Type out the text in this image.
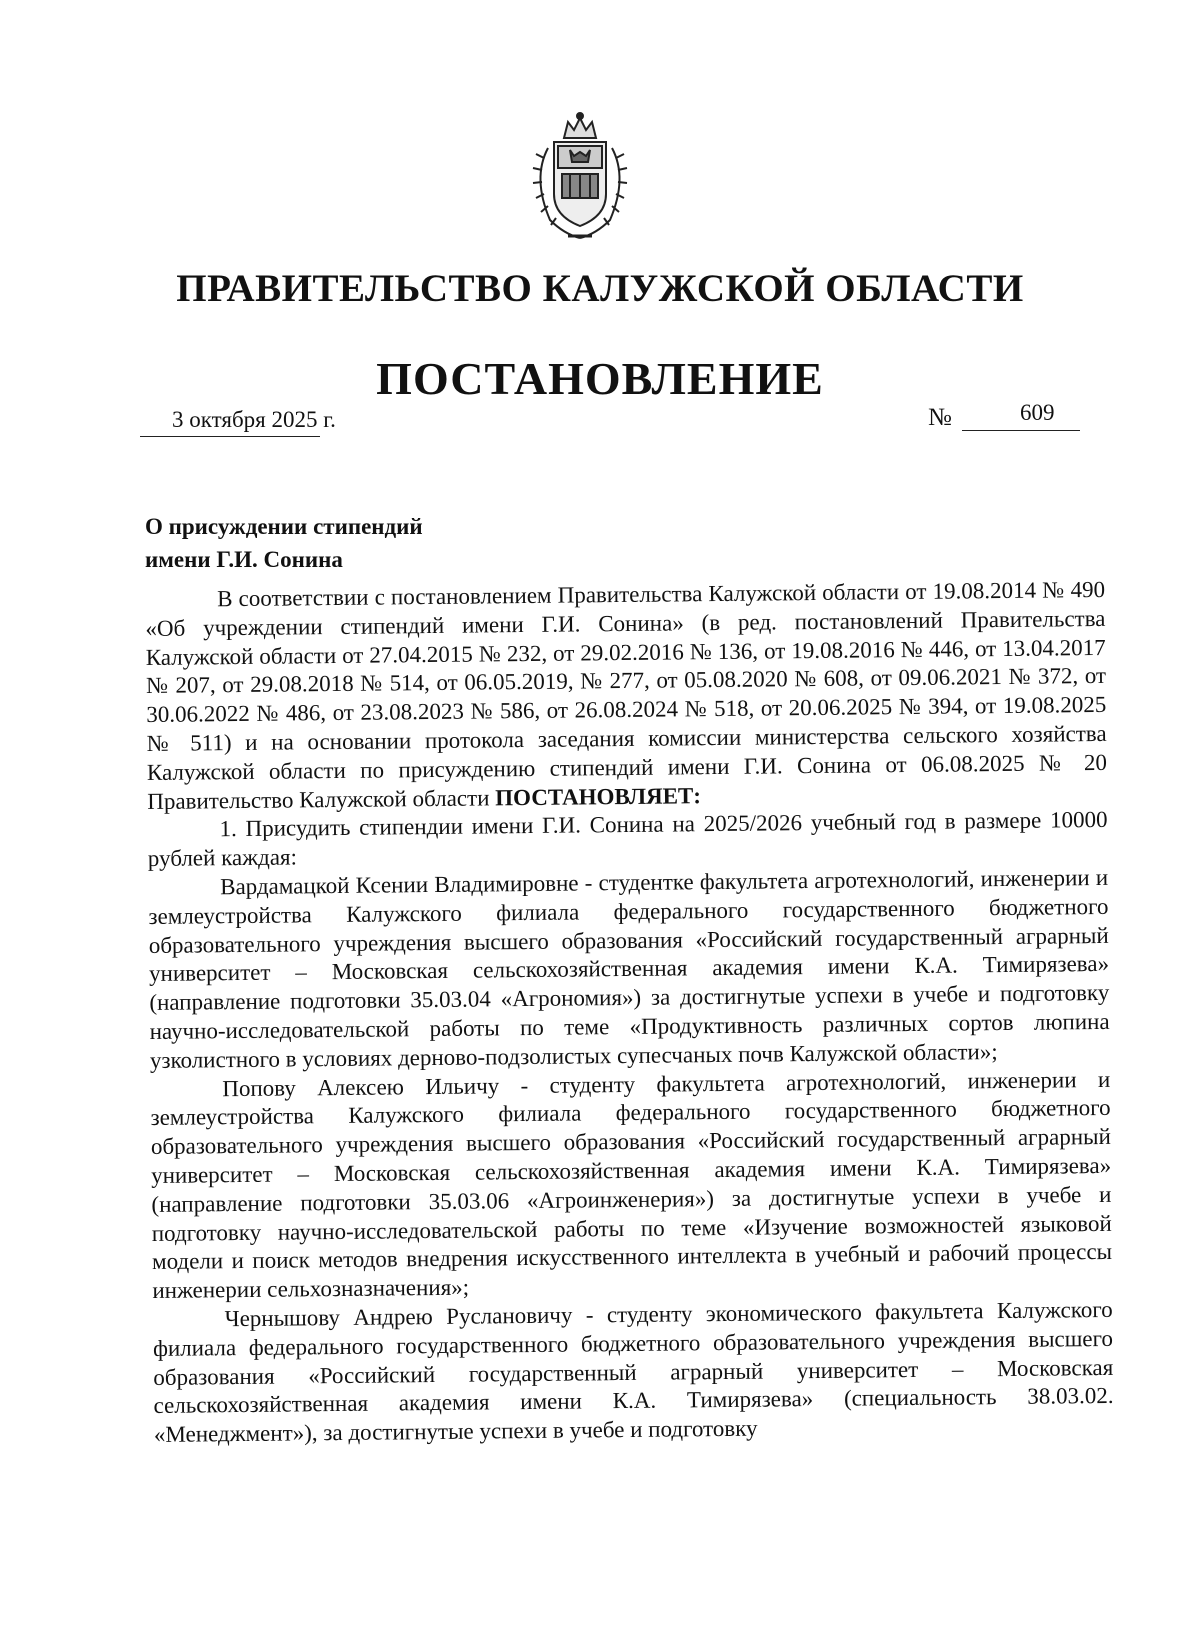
ПРАВИТЕЛЬСТВО КАЛУЖСКОЙ ОБЛАСТИ
ПОСТАНОВЛЕНИЕ
3 октября 2025 г.	№	609
О присуждении стипендий
имени Г.И. Сонина

В соответствии с постановлением Правительства Калужской области от 19.08.2014 № 490 «Об учреждении стипендий имени Г.И. Сонина» (в ред. постановлений Правительства Калужской области от 27.04.2015 № 232, от 29.02.2016 № 136, от 19.08.2016 № 446, от 13.04.2017 № 207, от 29.08.2018 № 514, от 06.05.2019, № 277, от 05.08.2020 № 608, от 09.06.2021 № 372, от 30.06.2022 № 486, от 23.08.2023 № 586, от 26.08.2024 № 518, от 20.06.2025 № 394, от 19.08.2025 № 511) и на основании протокола заседания комиссии министерства сельского хозяйства Калужской области по присуждению стипендий имени Г.И. Сонина от 06.08.2025 № 20 Правительство Калужской области ПОСТАНОВЛЯЕТ:

1. Присудить стипендии имени Г.И. Сонина на 2025/2026 учебный год в размере 10000 рублей каждая:

Вардамацкой Ксении Владимировне - студентке факультета агротехнологий, инженерии и землеустройства Калужского филиала федерального государственного бюджетного образовательного учреждения высшего образования «Российский государственный аграрный университет – Московская сельскохозяйственная академия имени К.А. Тимирязева» (направление подготовки 35.03.04 «Агрономия») за достигнутые успехи в учебе и подготовку научно-исследовательской работы по теме «Продуктивность различных сортов люпина узколистного в условиях дерново-подзолистых супесчаных почв Калужской области»;

Попову Алексею Ильичу - студенту факультета агротехнологий, инженерии и землеустройства Калужского филиала федерального государственного бюджетного образовательного учреждения высшего образования «Российский государственный аграрный университет – Московская сельскохозяйственная академия имени К.А. Тимирязева» (направление подготовки 35.03.06 «Агроинженерия») за достигнутые успехи в учебе и подготовку научно-исследовательской работы по теме «Изучение возможностей языковой модели и поиск методов внедрения искусственного интеллекта в учебный и рабочий процессы инженерии сельхозназначения»;

Чернышову Андрею Руслановичу - студенту экономического факультета Калужского филиала федерального государственного бюджетного образовательного учреждения высшего образования «Российский государственный аграрный университет – Московская сельскохозяйственная академия имени К.А. Тимирязева» (специальность 38.03.02. «Менеджмент»), за достигнутые успехи в учебе и подготовку
